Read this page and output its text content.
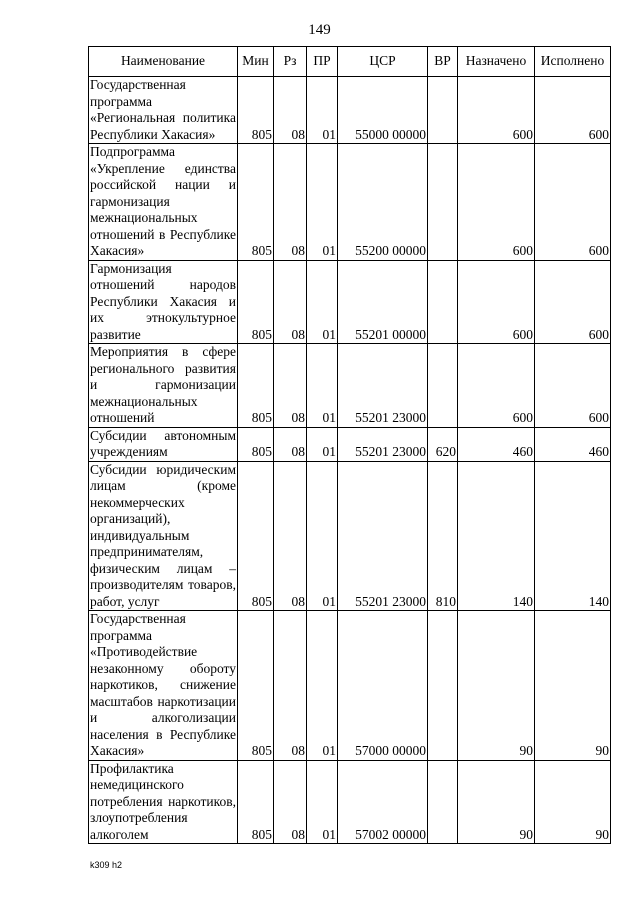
149
Наименование	Мин	Рз	ПР	ЦСР	ВР	Назначено	Исполнено
Государственная программа «Региональная политика Республики Хакасия»	805	08	01	55000 00000		600	600
Подпрограмма «Укрепление единства российской нации и гармонизация межнациональных отношений в Республике Хакасия»	805	08	01	55200 00000		600	600
Гармонизация отношений народов Республики Хакасия и их этнокультурное развитие	805	08	01	55201 00000		600	600
Мероприятия в сфере регионального развития и гармонизации межнациональных отношений	805	08	01	55201 23000		600	600
Субсидии автономным учреждениям	805	08	01	55201 23000	620	460	460
Субсидии юридическим лицам (кроме некоммерческих организаций), индивидуальным предпринимателям, физическим лицам – производителям товаров, работ, услуг	805	08	01	55201 23000	810	140	140
Государственная программа «Противодействие незаконному обороту наркотиков, снижение масштабов наркотизации и алкоголизации населения в Республике Хакасия»	805	08	01	57000 00000		90	90
Профилактика немедицинского потребления наркотиков, злоупотребления алкоголем	805	08	01	57002 00000		90	90
k309 h2
